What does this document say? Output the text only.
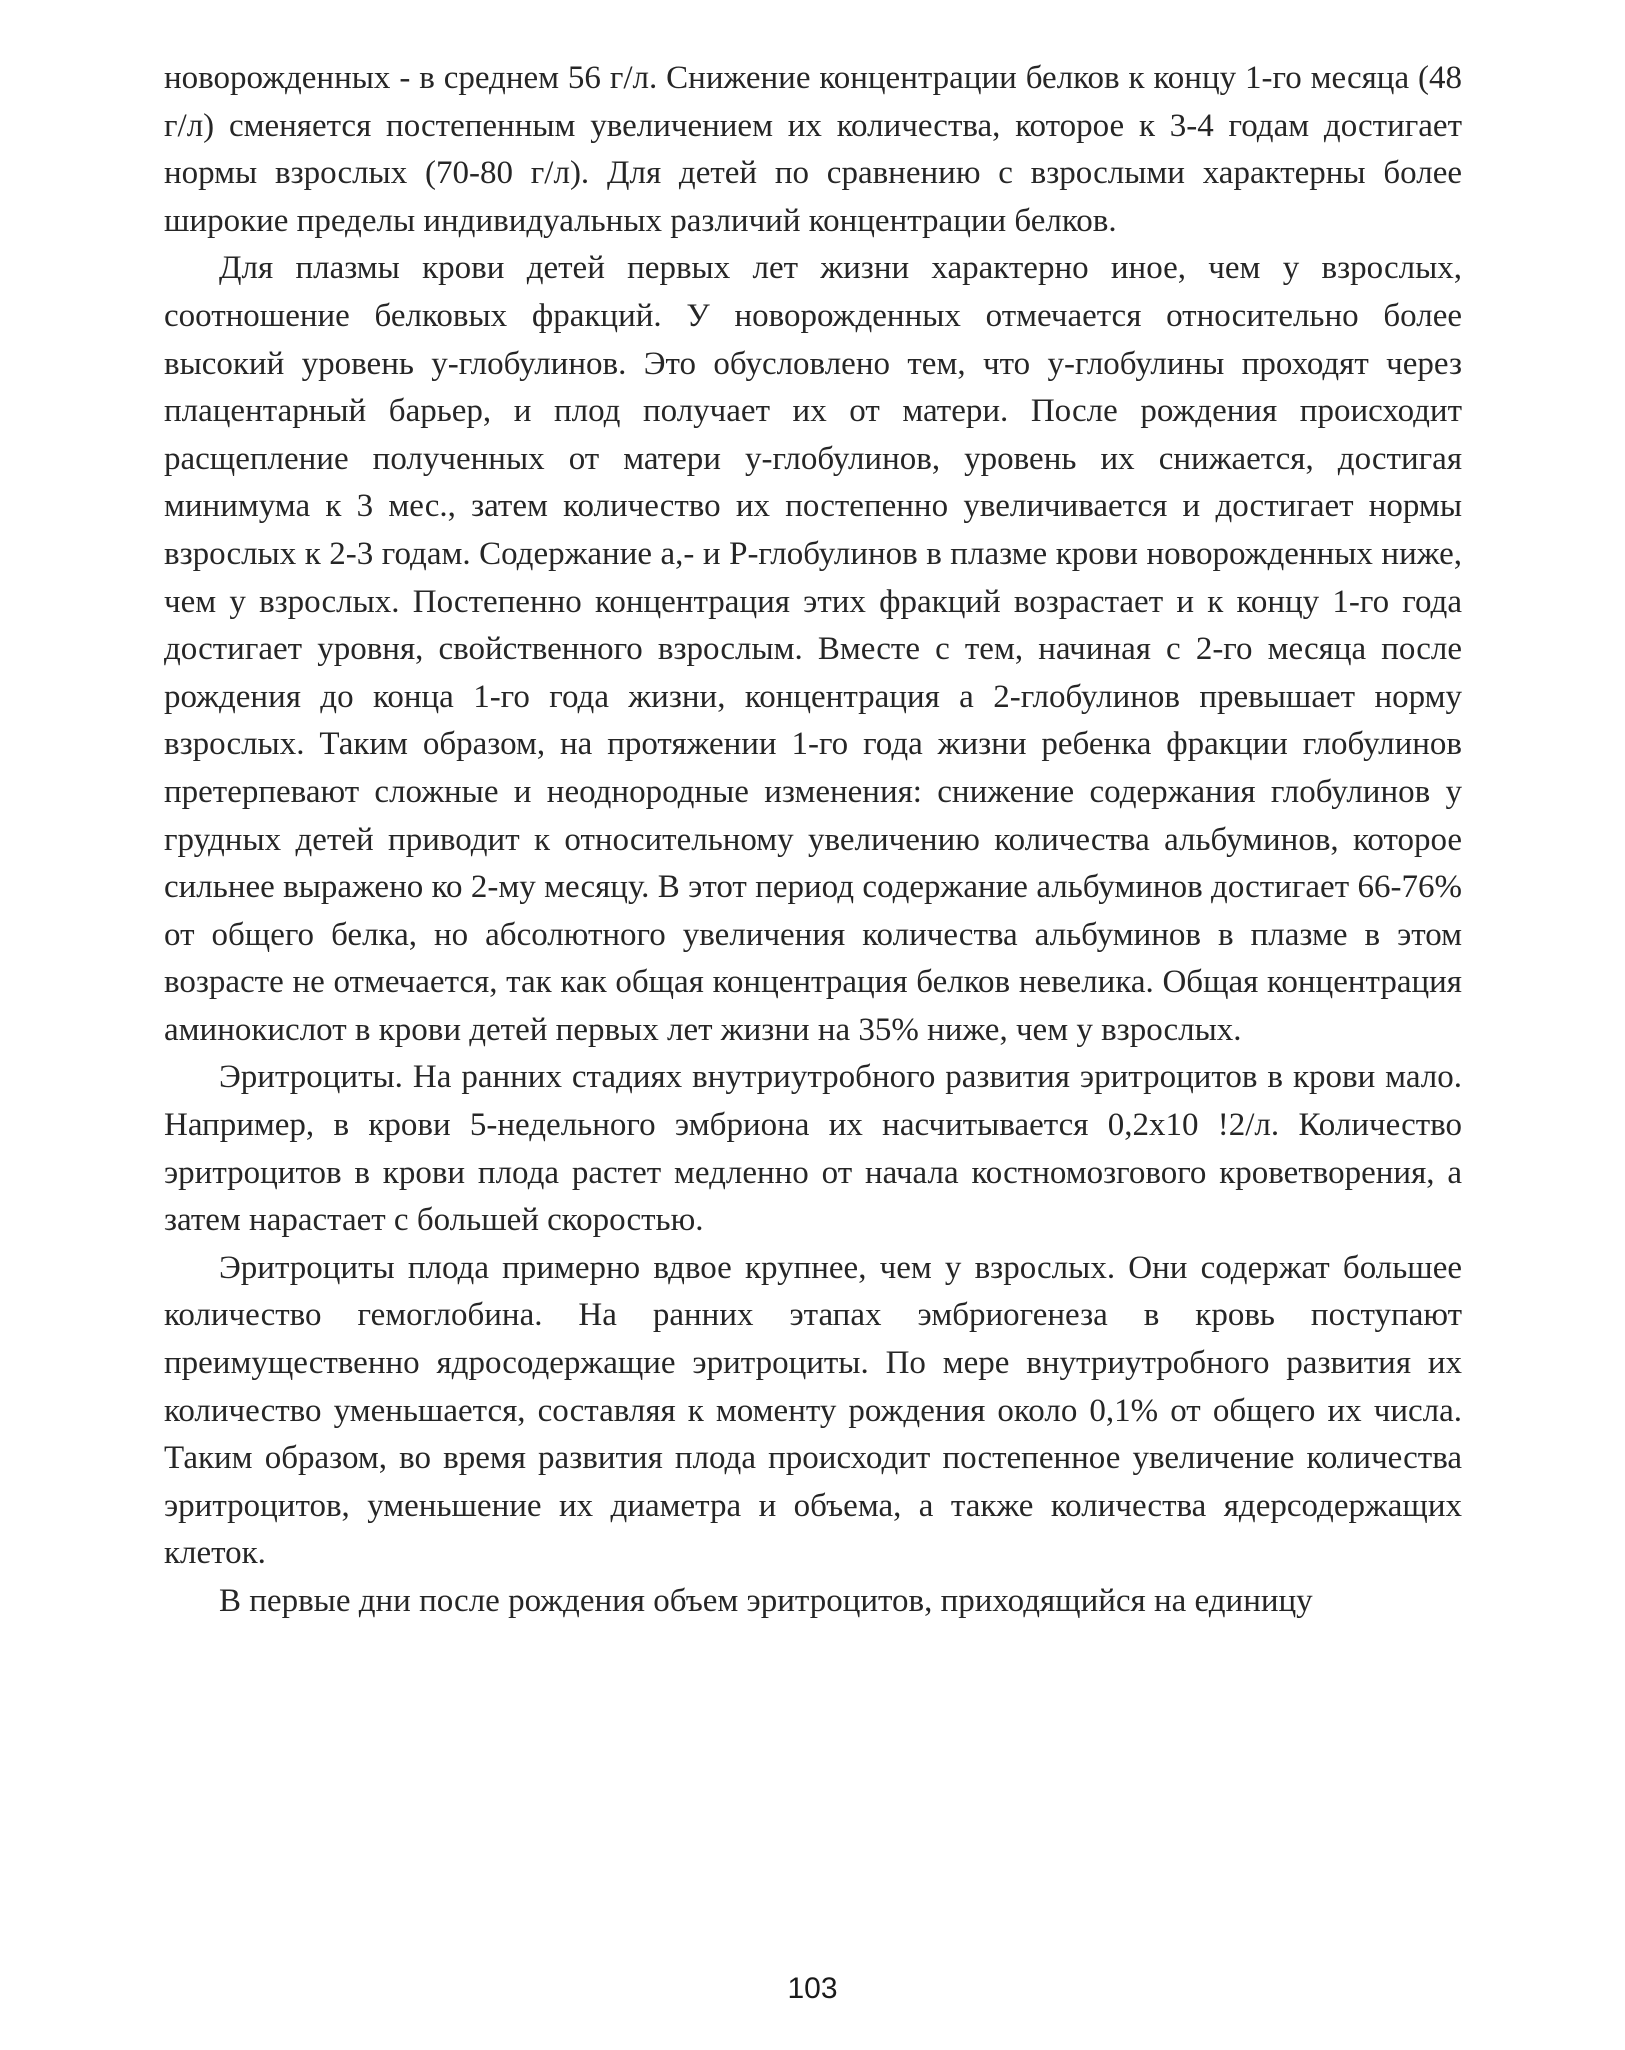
новорожденных - в среднем 56 г/л. Снижение концентрации белков к концу 1-го месяца (48 г/л) сменяется постепенным увеличением их количества, которое к 3-4 годам достигает нормы взрослых (70-80 г/л). Для детей по сравнению с взрослыми характерны более широкие пределы индивидуальных различий концентрации белков.

Для плазмы крови детей первых лет жизни характерно иное, чем у взрослых, соотношение белковых фракций. У новорожденных отмечается относительно более высокий уровень у-глобулинов. Это обусловлено тем, что у-глобулины проходят через плацентарный барьер, и плод получает их от матери. После рождения происходит расщепление полученных от матери у-глобулинов, уровень их снижается, достигая минимума к 3 мес., затем количество их постепенно увеличивается и достигает нормы взрослых к 2-3 годам. Содержание а,- и Р-глобулинов в плазме крови новорожденных ниже, чем у взрослых. Постепенно концентрация этих фракций возрастает и к концу 1-го года достигает уровня, свойственного взрослым. Вместе с тем, начиная с 2-го месяца после рождения до конца 1-го года жизни, концентрация а 2-глобулинов превышает норму взрослых. Таким образом, на протяжении 1-го года жизни ребенка фракции глобулинов претерпевают сложные и неоднородные изменения: снижение содержания глобулинов у грудных детей приводит к относительному увеличению количества альбуминов, которое сильнее выражено ко 2-му месяцу. В этот период содержание альбуминов достигает 66-76% от общего белка, но абсолютного увеличения количества альбуминов в плазме в этом возрасте не отмечается, так как общая концентрация белков невелика. Общая концентрация аминокислот в крови детей первых лет жизни на 35% ниже, чем у взрослых.

Эритроциты. На ранних стадиях внутриутробного развития эритроцитов в крови мало. Например, в крови 5-недельного эмбриона их насчитывается 0,2х10 !2/л. Количество эритроцитов в крови плода растет медленно от начала костномозгового кроветворения, а затем нарастает с большей скоростью.

Эритроциты плода примерно вдвое крупнее, чем у взрослых. Они содержат большее количество гемоглобина. На ранних этапах эмбриогенеза в кровь поступают преимущественно ядросодержащие эритроциты. По мере внутриутробного развития их количество уменьшается, составляя к моменту рождения около 0,1% от общего их числа. Таким образом, во время развития плода происходит постепенное увеличение количества эритроцитов, уменьшение их диаметра и объема, а также количества ядерсодержащих клеток.

В первые дни после рождения объем эритроцитов, приходящийся на единицу

103
